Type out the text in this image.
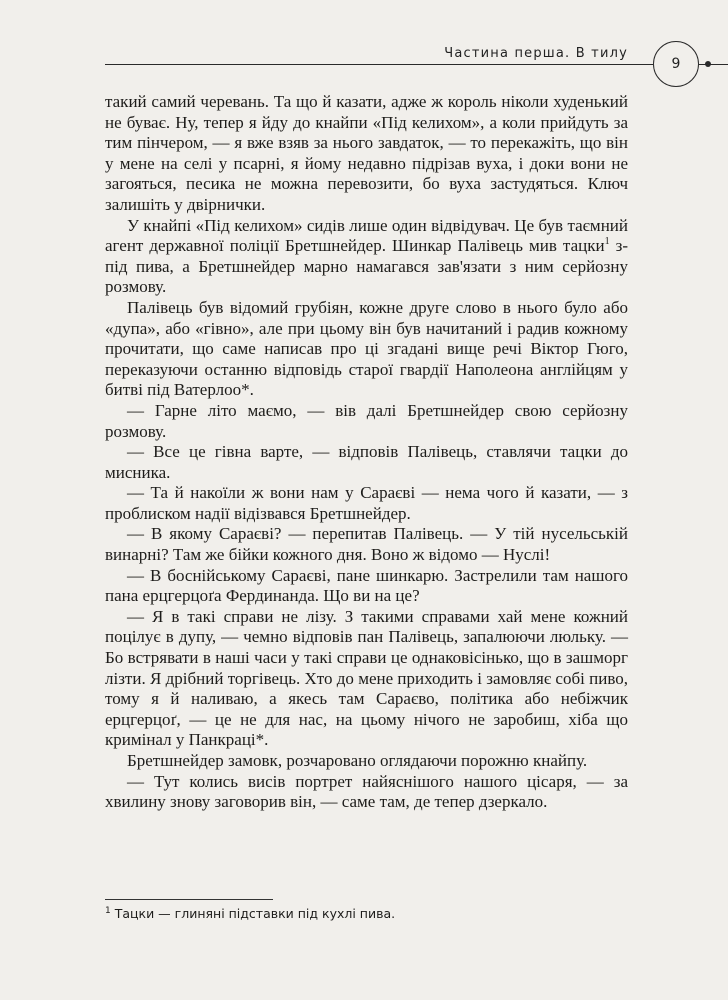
Частина перша. В тилу
9

такий самий черевань. Та що й казати, адже ж король ніколи худенький не буває. Ну, тепер я йду до кнайпи «Під келихом», а коли прийдуть за тим пінчером, — я вже взяв за нього завдаток, — то перекажіть, що він у мене на селі у псарні, я йому недавно підрізав вуха, і доки вони не загояться, песика не можна перевозити, бо вуха застудяться. Ключ залишіть у двірнички.

У кнайпі «Під келихом» сидів лише один відвідувач. Це був таємний агент державної поліції Бретшнейдер. Шинкар Палівець мив тацки$^1$ з-під пива, а Бретшнейдер марно намагався зав'язати з ним серйозну розмову.

Палівець був відомий грубіян, кожне друге слово в нього було або «дупа», або «гівно», але при цьому він був начитаний і радив кожному прочитати, що саме написав про ці згадані вище речі Віктор Гюго, переказуючи останню відповідь старої гвардії Наполеона англійцям у битві під Ватерлоо*.

— Гарне літо маємо, — вів далі Бретшнейдер свою серйозну розмову.

— Все це гівна варте, — відповів Палівець, ставлячи тацки до мисника.

— Та й накоїли ж вони нам у Сараєві — нема чого й казати, — з проблиском надії відізвався Бретшнейдер.

— В якому Сараєві? — перепитав Палівець. — У тій нусельській винарні? Там же бійки кожного дня. Воно ж відомо — Нуслі!

— В боснійському Сараєві, пане шинкарю. Застрелили там нашого пана ерцгерцоґа Фердинанда. Що ви на це?

— Я в такі справи не лізу. З такими справами хай мене кожний поцілує в дупу, — чемно відповів пан Палівець, запалюючи люльку. — Бо встрявати в наші часи у такі справи це однаковісінько, що в зашморг лізти. Я дрібний торгівець. Хто до мене приходить і замовляє собі пиво, тому я й наливаю, а якесь там Сараєво, політика або небіжчик ерцгерцоґ, — це не для нас, на цьому нічого не заробиш, хіба що кримінал у Панкраці*.

Бретшнейдер замовк, розчаровано оглядаючи порожню кнайпу.

— Тут колись висів портрет найяснішого нашого цісаря, — за хвилину знову заговорив він, — саме там, де тепер дзеркало.

$^1$ Тацки — глиняні підставки під кухлі пива.
